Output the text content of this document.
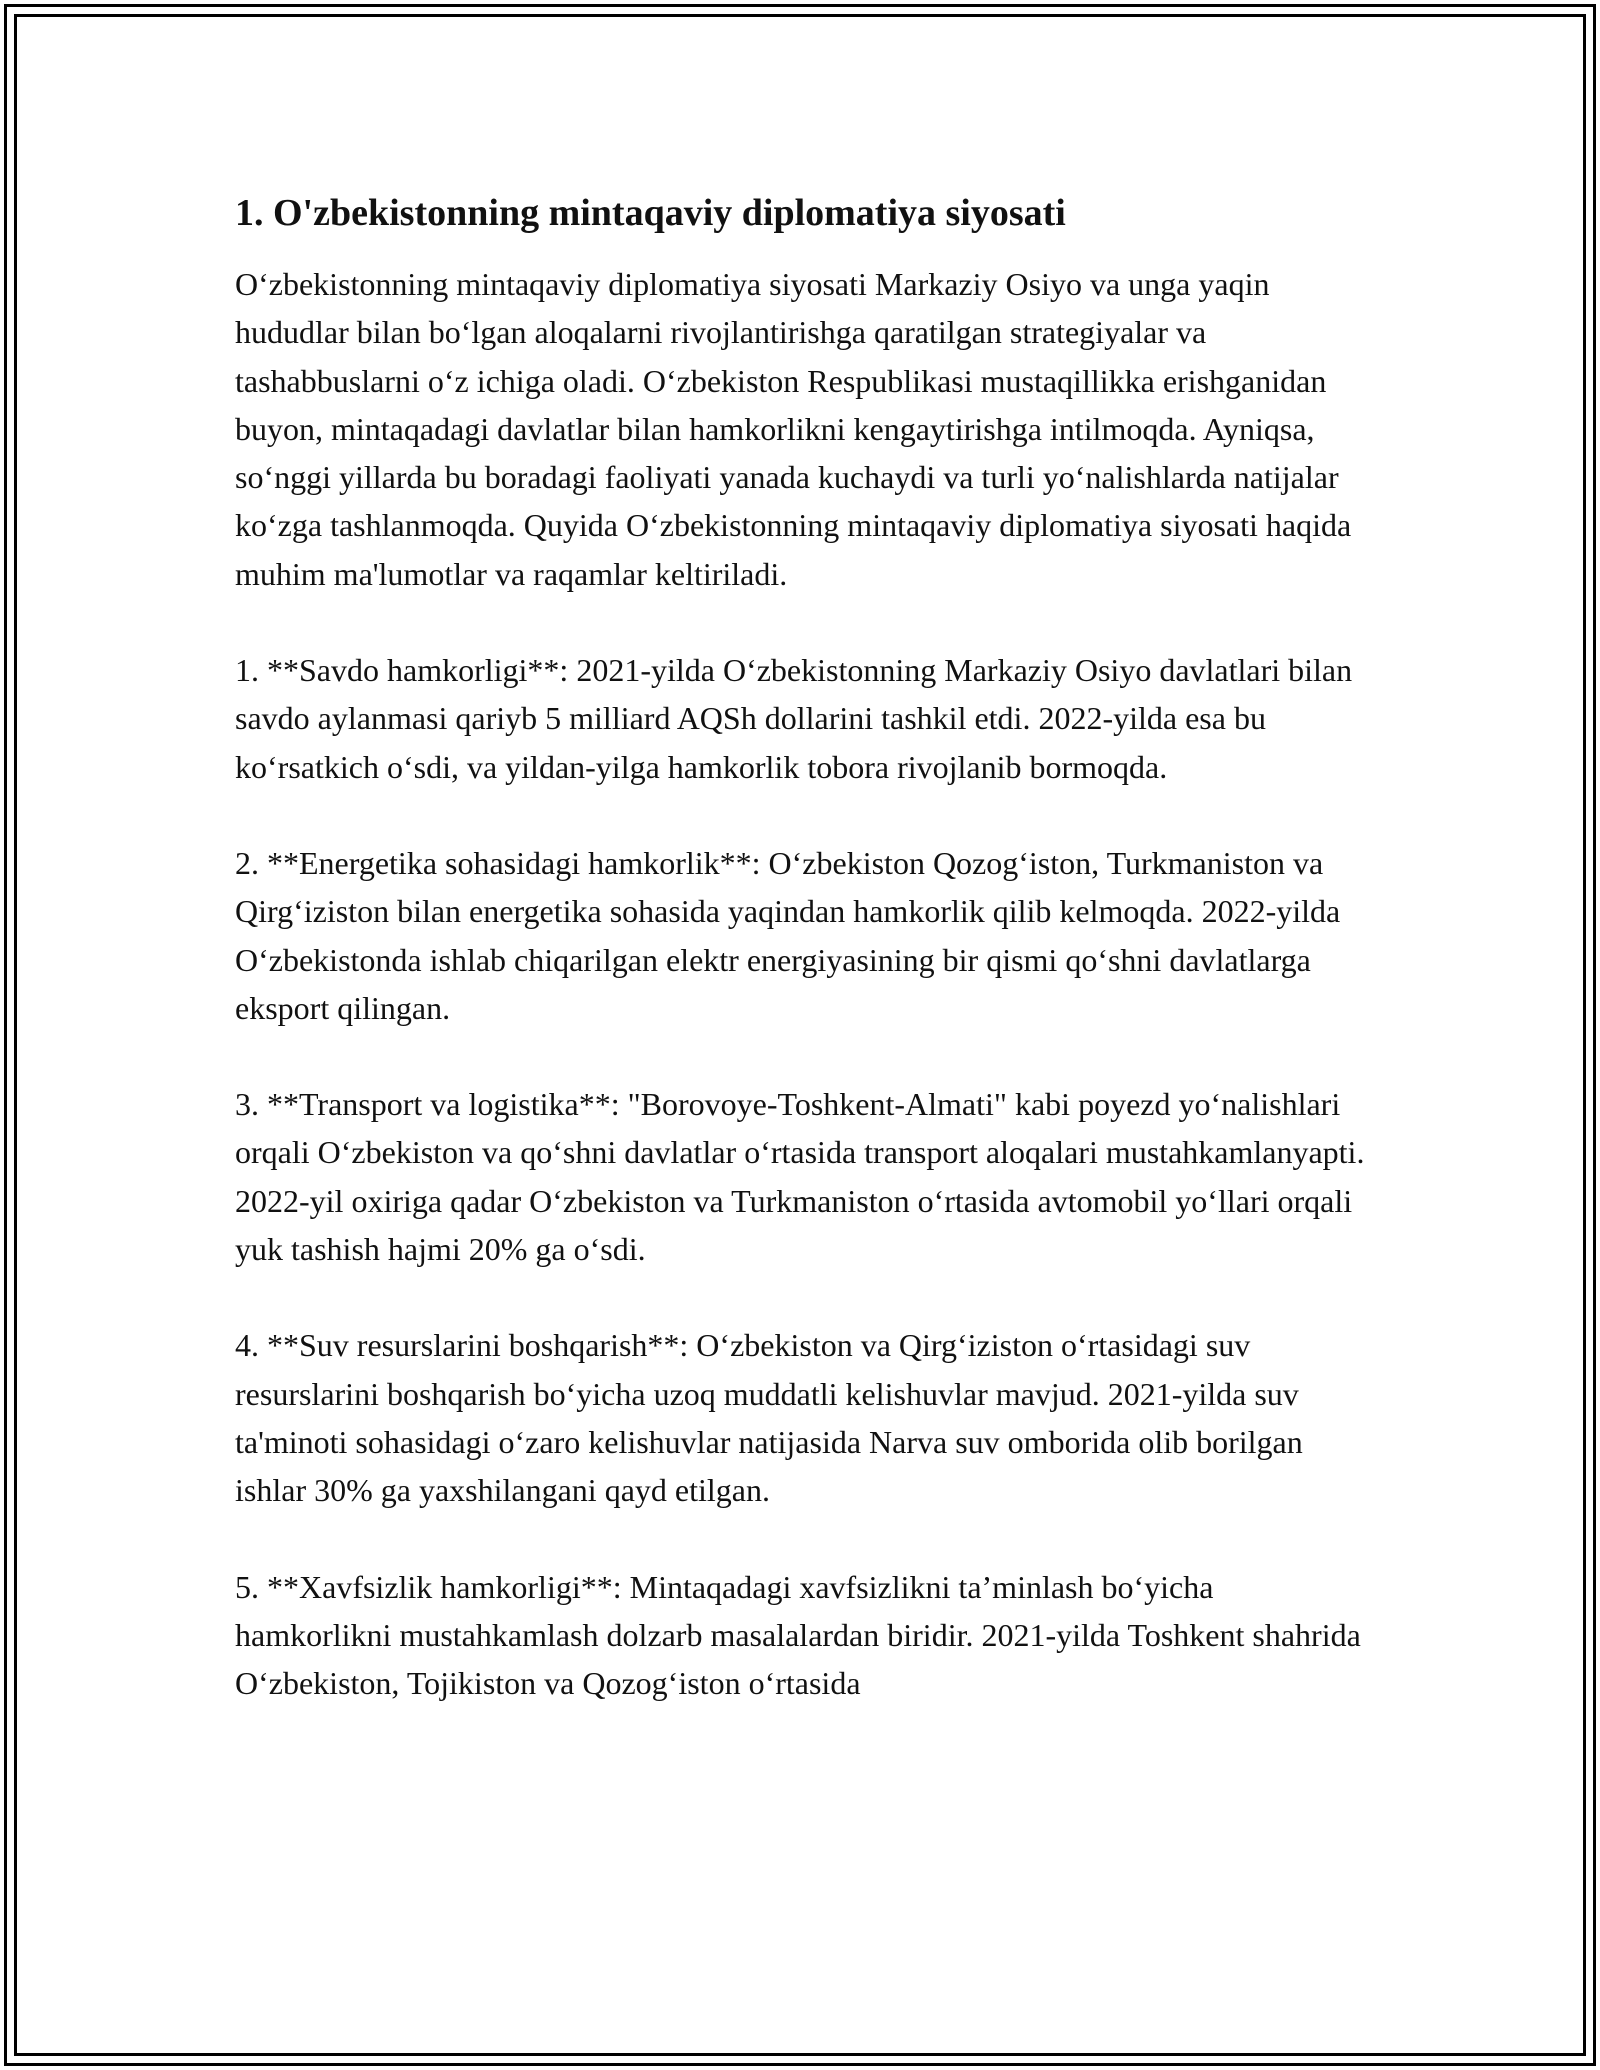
1. O'zbekistonning mintaqaviy diplomatiya siyosati

Oʻzbekistonning mintaqaviy diplomatiya siyosati Markaziy Osiyo va unga yaqin hududlar bilan boʻlgan aloqalarni rivojlantirishga qaratilgan strategiyalar va tashabbuslarni oʻz ichiga oladi. Oʻzbekiston Respublikasi mustaqillikka erishganidan buyon, mintaqadagi davlatlar bilan hamkorlikni kengaytirishga intilmoqda. Ayniqsa, soʻnggi yillarda bu boradagi faoliyati yanada kuchaydi va turli yoʻnalishlarda natijalar koʻzga tashlanmoqda. Quyida Oʻzbekistonning mintaqaviy diplomatiya siyosati haqida muhim ma'lumotlar va raqamlar keltiriladi.

1. **Savdo hamkorligi**: 2021-yilda Oʻzbekistonning Markaziy Osiyo davlatlari bilan savdo aylanmasi qariyb 5 milliard AQSh dollarini tashkil etdi. 2022-yilda esa bu koʻrsatkich oʻsdi, va yildan-yilga hamkorlik tobora rivojlanib bormoqda.

2. **Energetika sohasidagi hamkorlik**: Oʻzbekiston Qozogʻiston, Turkmaniston va Qirgʻiziston bilan energetika sohasida yaqindan hamkorlik qilib kelmoqda. 2022-yilda Oʻzbekistonda ishlab chiqarilgan elektr energiyasining bir qismi qoʻshni davlatlarga eksport qilingan.

3. **Transport va logistika**: "Borovoye-Toshkent-Almati" kabi poyezd yoʻnalishlari orqali Oʻzbekiston va qoʻshni davlatlar oʻrtasida transport aloqalari mustahkamlanyapti. 2022-yil oxiriga qadar Oʻzbekiston va Turkmaniston oʻrtasida avtomobil yoʻllari orqali yuk tashish hajmi 20% ga oʻsdi.

4. **Suv resurslarini boshqarish**: Oʻzbekiston va Qirgʻiziston oʻrtasidagi suv resurslarini boshqarish boʻyicha uzoq muddatli kelishuvlar mavjud. 2021-yilda suv ta'minoti sohasidagi oʻzaro kelishuvlar natijasida Narva suv omborida olib borilgan ishlar 30% ga yaxshilangani qayd etilgan.

5. **Xavfsizlik hamkorligi**: Mintaqadagi xavfsizlikni taʼminlash boʻyicha hamkorlikni mustahkamlash dolzarb masalalardan biridir. 2021-yilda Toshkent shahrida Oʻzbekiston, Tojikiston va Qozogʻiston oʻrtasida
